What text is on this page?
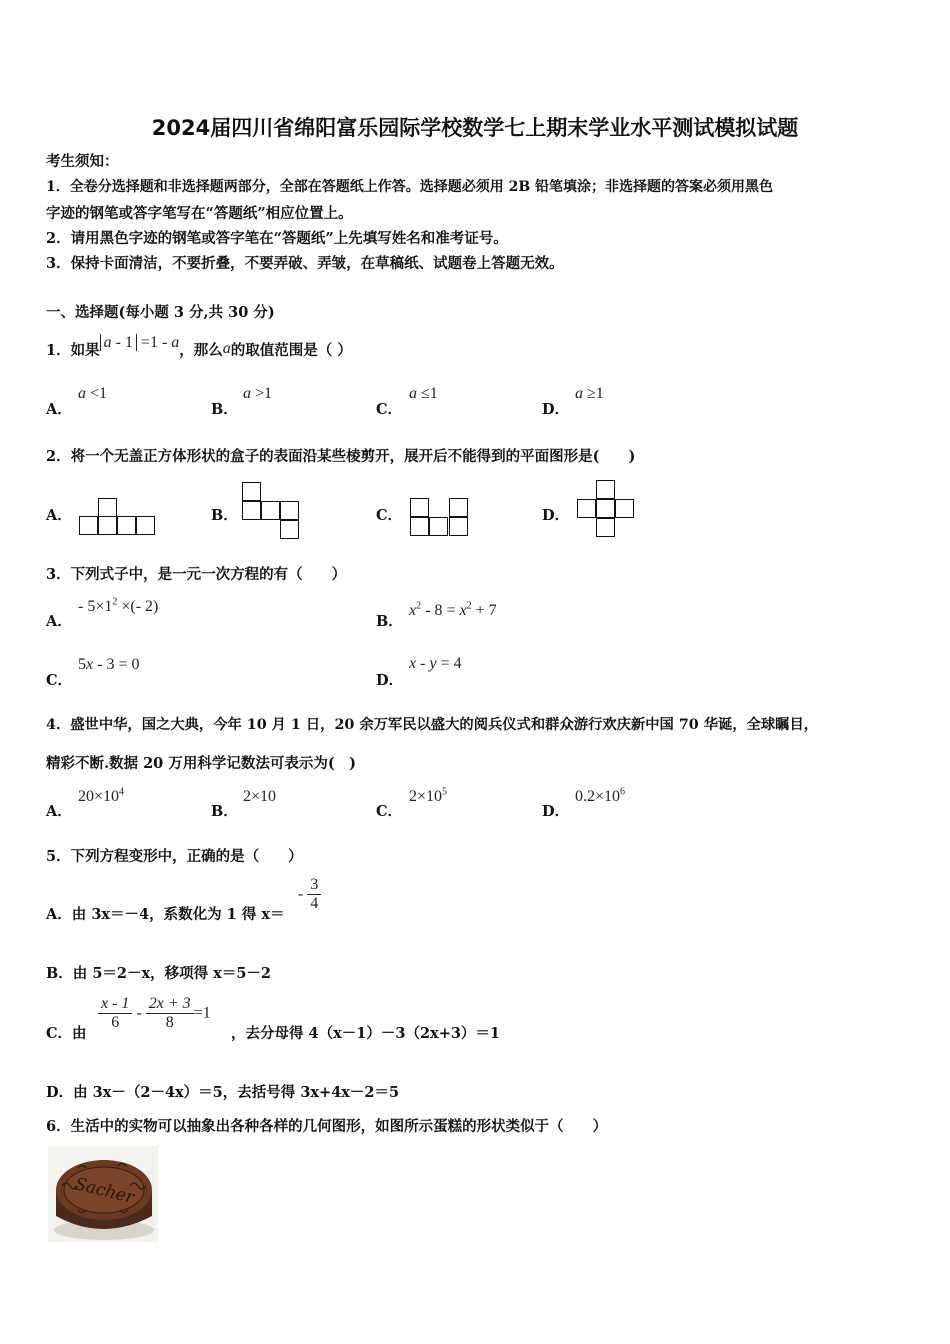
2024届四川省绵阳富乐园际学校数学七上期末学业水平测试模拟试题
考生须知：
1．全卷分选择题和非选择题两部分，全部在答题纸上作答。选择题必须用 2B 铅笔填涂；非选择题的答案必须用黑色
字迹的钢笔或答字笔写在“答题纸”相应位置上。
2．请用黑色字迹的钢笔或答字笔在“答题纸”上先填写姓名和准考证号。
3．保持卡面清洁，不要折叠，不要弄破、弄皱，在草稿纸、试题卷上答题无效。
一、选择题(每小题 3 分,共 30 分)
1．如果 a - 1 =1 - a，那么a的取值范围是（ ）
A．
a <1
B．
a >1
C．
a ≤1
D．
a ≥1
2．将一个无盖正方体形状的盒子的表面沿某些棱剪开，展开后不能得到的平面图形是(　　)
A．	B．	C．	D．
3．下列式子中，是一元一次方程的有（　　）
A．
- $5\times 1^2$ ×(- 2)
B．
$x^2 - 8 = x^2 + 7$
C．
5x - 3 = 0
D．
x - y = 4
4．盛世中华，国之大典，今年 10 月 1 日，20 余万军民以盛大的阅兵仪式和群众游行欢庆新中国 70 华诞，全球瞩目，
精彩不断.数据 20 万用科学记数法可表示为(　)
A．
$20\times 10^4$
B．
2×10
C．
$2\times 10^5$
D．
$0.2\times 10^6$
5．下列方程变形中，正确的是（　　）
A．由 3x＝－4，系数化为 1 得 x＝
- $\frac{3}{4}$
B．由 5＝2－x，移项得 x＝5－2
C．由
$\frac{x - 1}{6} - \frac{2x + 3}{8} =1$
，去分母得 4（x－1）－3（2x+3）＝1
D．由 3x－（2－4x）＝5，去括号得 3x+4x－2＝5
6．生活中的实物可以抽象出各种各样的几何图形，如图所示蛋糕的形状类似于（　　）
Sacher
